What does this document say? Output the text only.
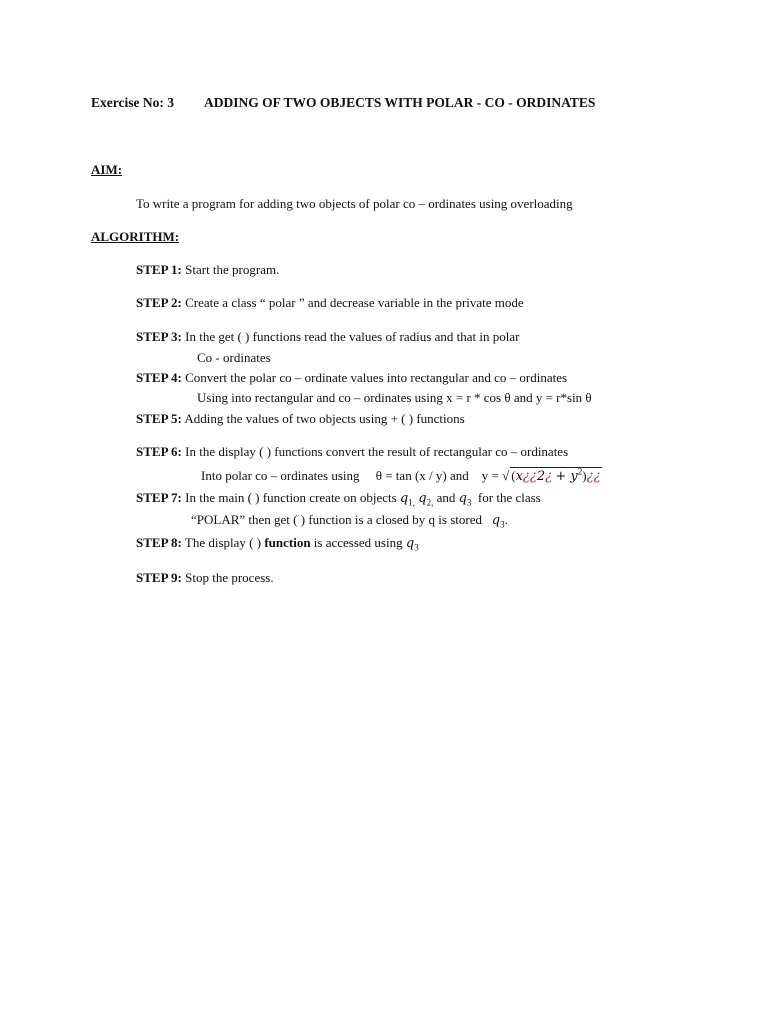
Exercise No: 3 ADDING OF TWO OBJECTS WITH POLAR - CO - ORDINATES
AIM:
To write a program for adding two objects of polar co – ordinates using overloading
ALGORITHM:
STEP 1: Start the program.
STEP 2: Create a class “ polar ” and decrease variable in the private mode
STEP 3: In the get ( ) functions read the values of radius and that in polar
Co - ordinates
STEP 4: Convert the polar co – ordinate values into rectangular and co – ordinates
Using into rectangular and co – ordinates using x = r * cos θ and y = r*sin θ
STEP 5: Adding the values of two objects using + ( ) functions
STEP 6: In the display ( ) functions convert the result of rectangular co – ordinates
Into polar co – ordinates using θ = tan (x / y) and y = √ (x¿¿2¿ + $y^2)¿¿$
STEP 7: In the main ( ) function create on objects $q_{1,}$ $q_{2,}$ and $q_3$ for the class
“POLAR” then get ( ) function is a closed by q is stored $q_3$.
STEP 8: The display ( ) function is accessed using $q_3$
STEP 9: Stop the process.
